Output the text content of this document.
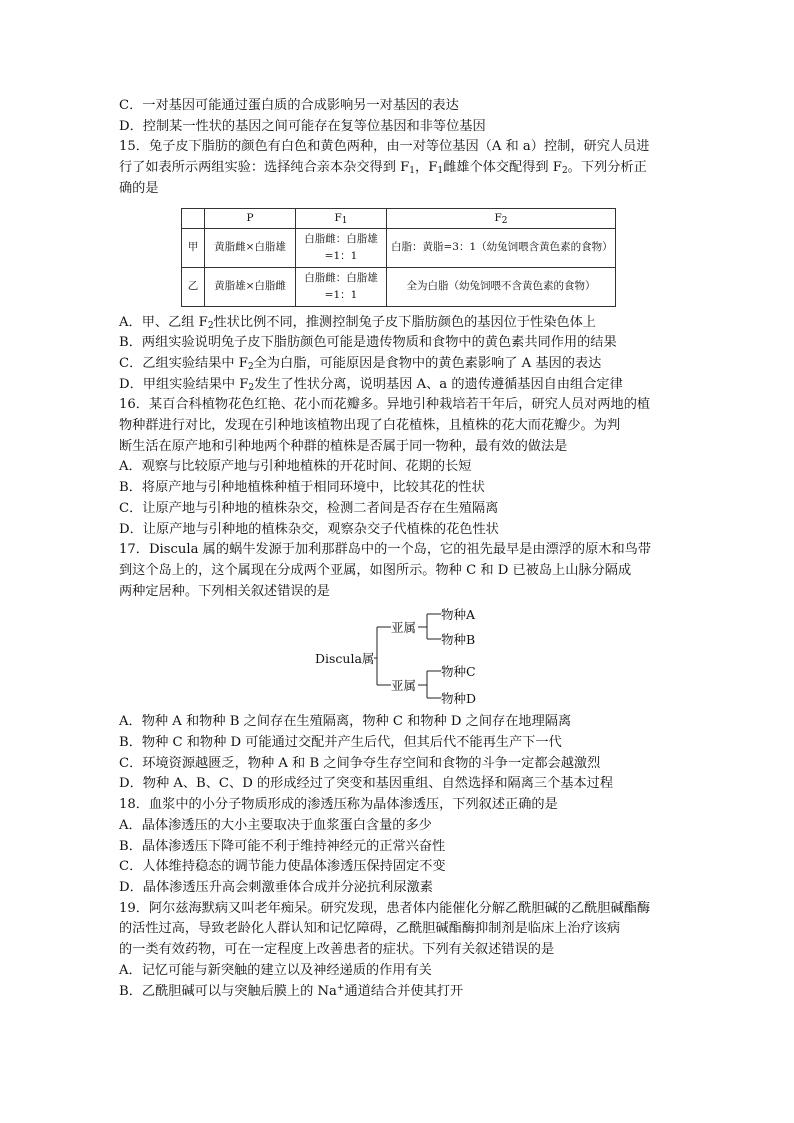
C．一对基因可能通过蛋白质的合成影响另一对基因的表达
D．控制某一性状的基因之间可能存在复等位基因和非等位基因
15．兔子皮下脂肪的颜色有白色和黄色两种，由一对等位基因（A 和 a）控制，研究人员进
行了如表所示两组实验：选择纯合亲本杂交得到 $F_1$，$F_1$雌雄个体交配得到 $F_2$。下列分析正
确的是
	P	$F_1$	$F_2$
甲	黄脂雌×白脂雄	白脂雌：白脂雄
=1：1	白脂：黄脂=3：1（幼兔饲喂含黄色素的食物）
乙	黄脂雄×白脂雌	白脂雌：白脂雄
=1：1	全为白脂（幼兔饲喂不含黄色素的食物）
A．甲、乙组 $F_2$性状比例不同，推测控制兔子皮下脂肪颜色的基因位于性染色体上
B．两组实验说明兔子皮下脂肪颜色可能是遗传物质和食物中的黄色素共同作用的结果
C．乙组实验结果中 $F_2$全为白脂，可能原因是食物中的黄色素影响了 A 基因的表达
D．甲组实验结果中 $F_2$发生了性状分离，说明基因 A、a 的遗传遵循基因自由组合定律
16．某百合科植物花色红艳、花小而花瓣多。异地引种栽培若干年后，研究人员对两地的植
物种群进行对比，发现在引种地该植物出现了白花植株，且植株的花大而花瓣少。为判
断生活在原产地和引种地两个种群的植株是否属于同一物种，最有效的做法是
A．观察与比较原产地与引种地植株的开花时间、花期的长短
B．将原产地与引种地植株种植于相同环境中，比较其花的性状
C．让原产地与引种地的植株杂交，检测二者间是否存在生殖隔离
D．让原产地与引种地的植株杂交，观察杂交子代植株的花色性状
17．Discula 属的蜗牛发源于加利那群岛中的一个岛，它的祖先最早是由漂浮的原木和鸟带
到这个岛上的，这个属现在分成两个亚属，如图所示。物种 C 和 D 已被岛上山脉分隔成
两种定居种。下列相关叙述错误的是
Discula属
亚属
亚属
物种A
物种B
物种C
物种D
A．物种 A 和物种 B 之间存在生殖隔离，物种 C 和物种 D 之间存在地理隔离
B．物种 C 和物种 D 可能通过交配并产生后代，但其后代不能再生产下一代
C．环境资源越匮乏，物种 A 和 B 之间争夺生存空间和食物的斗争一定都会越激烈
D．物种 A、B、C、D 的形成经过了突变和基因重组、自然选择和隔离三个基本过程
18．血浆中的小分子物质形成的渗透压称为晶体渗透压，下列叙述正确的是
A．晶体渗透压的大小主要取决于血浆蛋白含量的多少
B．晶体渗透压下降可能不利于维持神经元的正常兴奋性
C．人体维持稳态的调节能力使晶体渗透压保持固定不变
D．晶体渗透压升高会刺激垂体合成并分泌抗利尿激素
19．阿尔兹海默病又叫老年痴呆。研究发现，患者体内能催化分解乙酰胆碱的乙酰胆碱酯酶
的活性过高，导致老龄化人群认知和记忆障碍，乙酰胆碱酯酶抑制剂是临床上治疗该病
的一类有效药物，可在一定程度上改善患者的症状。下列有关叙述错误的是
A．记忆可能与新突触的建立以及神经递质的作用有关
B．乙酰胆碱可以与突触后膜上的 Na+通道结合并使其打开
